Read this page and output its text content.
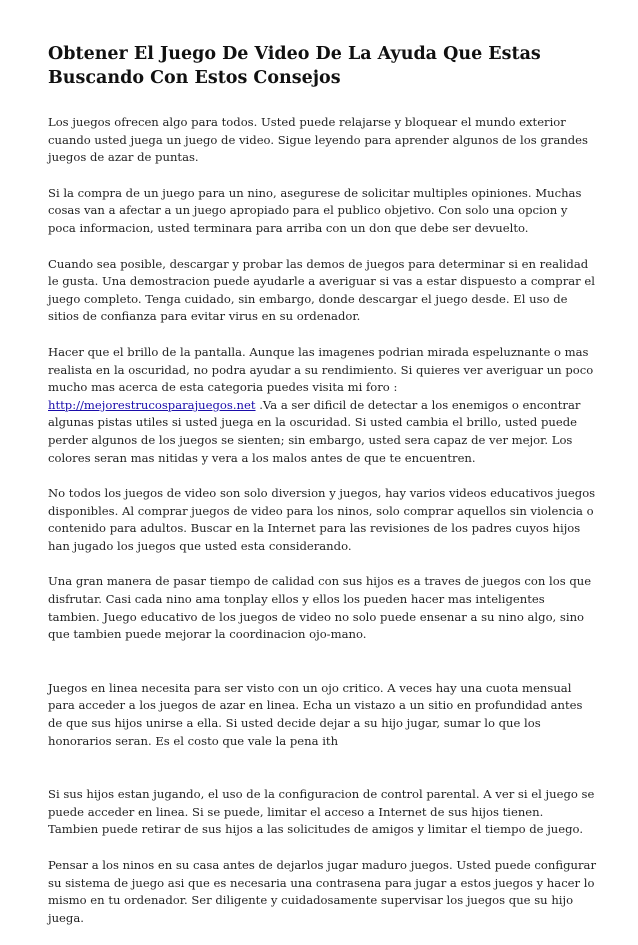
Obtener El Juego De Video De La Ayuda Que Estas Buscando Con Estos Consejos

Los juegos ofrecen algo para todos. Usted puede relajarse y bloquear el mundo exterior cuando usted juega un juego de video. Sigue leyendo para aprender algunos de los grandes juegos de azar de puntas.

Si la compra de un juego para un nino, asegurese de solicitar multiples opiniones. Muchas cosas van a afectar a un juego apropiado para el publico objetivo. Con solo una opcion y poca informacion, usted terminara para arriba con un don que debe ser devuelto.

Cuando sea posible, descargar y probar las demos de juegos para determinar si en realidad le gusta. Una demostracion puede ayudarle a averiguar si vas a estar dispuesto a comprar el juego completo. Tenga cuidado, sin embargo, donde descargar el juego desde. El uso de sitios de confianza para evitar virus en su ordenador.

Hacer que el brillo de la pantalla. Aunque las imagenes podrian mirada espeluznante o mas realista en la oscuridad, no podra ayudar a su rendimiento. Si quieres ver averiguar un poco mucho mas acerca de esta categoria puedes visita mi foro : http://mejorestrucosparajuegos.net .Va a ser dificil de detectar a los enemigos o encontrar algunas pistas utiles si usted juega en la oscuridad. Si usted cambia el brillo, usted puede perder algunos de los juegos se sienten; sin embargo, usted sera capaz de ver mejor. Los colores seran mas nitidas y vera a los malos antes de que te encuentren.

No todos los juegos de video son solo diversion y juegos, hay varios videos educativos juegos disponibles. Al comprar juegos de video para los ninos, solo comprar aquellos sin violencia o contenido para adultos. Buscar en la Internet para las revisiones de los padres cuyos hijos han jugado los juegos que usted esta considerando.

Una gran manera de pasar tiempo de calidad con sus hijos es a traves de juegos con los que disfrutar. Casi cada nino ama tonplay ellos y ellos los pueden hacer mas inteligentes tambien. Juego educativo de los juegos de video no solo puede ensenar a su nino algo, sino que tambien puede mejorar la coordinacion ojo-mano.

Juegos en linea necesita para ser visto con un ojo critico. A veces hay una cuota mensual para acceder a los juegos de azar en linea. Echa un vistazo a un sitio en profundidad antes de que sus hijos unirse a ella. Si usted decide dejar a su hijo jugar, sumar lo que los honorarios seran. Es el costo que vale la pena ith

Si sus hijos estan jugando, el uso de la configuracion de control parental. A ver si el juego se puede acceder en linea. Si se puede, limitar el acceso a Internet de sus hijos tienen. Tambien puede retirar de sus hijos a las solicitudes de amigos y limitar el tiempo de juego.

Pensar a los ninos en su casa antes de dejarlos jugar maduro juegos. Usted puede configurar su sistema de juego asi que es necesaria una contrasena para jugar a estos juegos y hacer lo mismo en tu ordenador. Ser diligente y cuidadosamente supervisar los juegos que su hijo juega.
